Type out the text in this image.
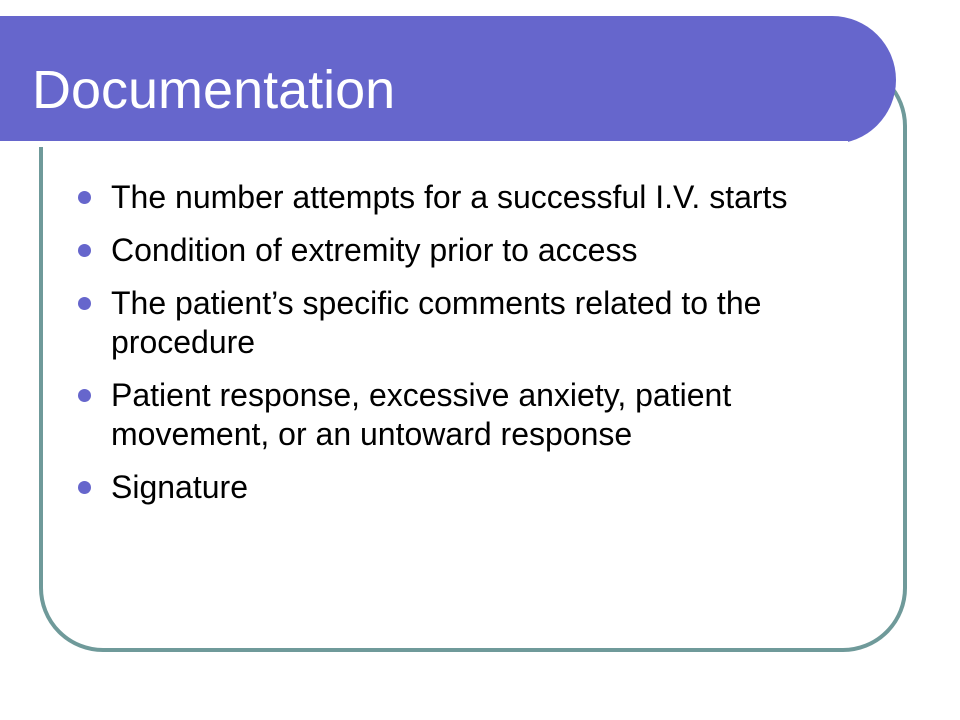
Documentation
The number attempts for a successful I.V. starts
Condition of extremity prior to access
The patient’s specific comments related to the procedure
Patient response, excessive anxiety, patient movement, or an untoward response
Signature
